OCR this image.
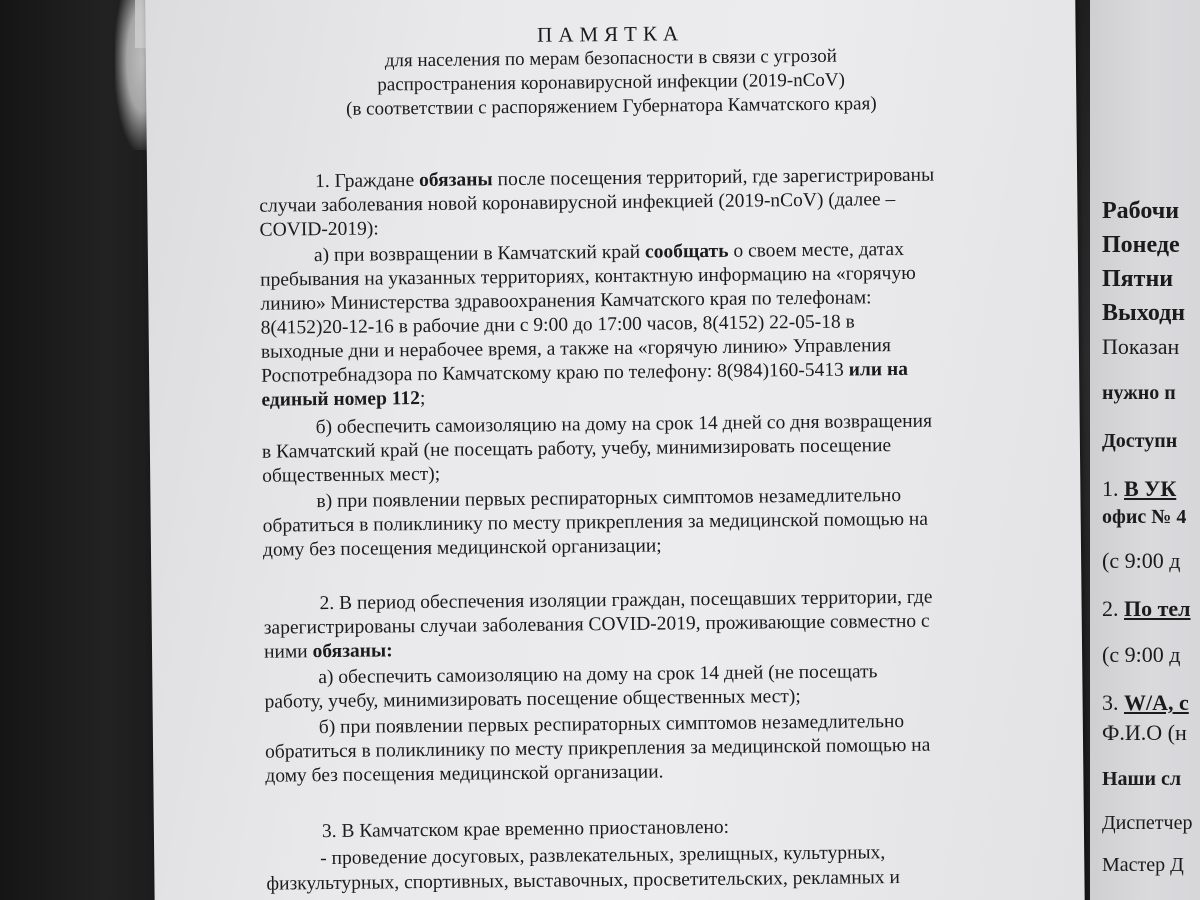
ПАМЯТКА
для населения по мерам безопасности в связи с угрозой
распространения коронавирусной инфекции (2019-nCoV)
(в соответствии с распоряжением Губернатора Камчатского края)
1. Граждане обязаны после посещения территорий, где зарегистрированы
случаи заболевания новой коронавирусной инфекцией (2019-nCoV) (далее –
COVID-2019):
а) при возвращении в Камчатский край сообщать о своем месте, датах
пребывания на указанных территориях, контактную информацию на «горячую
линию» Министерства здравоохранения Камчатского края по телефонам:
8(4152)20-12-16 в рабочие дни с 9:00 до 17:00 часов, 8(4152) 22-05-18 в
выходные дни и нерабочее время, а также на «горячую линию» Управления
Роспотребнадзора по Камчатскому краю по телефону: 8(984)160-5413 или на
единый номер 112;
б) обеспечить самоизоляцию на дому на срок 14 дней со дня возвращения
в Камчатский край (не посещать работу, учебу, минимизировать посещение
общественных мест);
в) при появлении первых респираторных симптомов незамедлительно
обратиться в поликлинику по месту прикрепления за медицинской помощью на
дому без посещения медицинской организации;
2. В период обеспечения изоляции граждан, посещавших территории, где
зарегистрированы случаи заболевания COVID-2019, проживающие совместно с
ними обязаны:
а) обеспечить самоизоляцию на дому на срок 14 дней (не посещать
работу, учебу, минимизировать посещение общественных мест);
б) при появлении первых респираторных симптомов незамедлительно
обратиться в поликлинику по месту прикрепления за медицинской помощью на
дому без посещения медицинской организации.
3. В Камчатском крае временно приостановлено:
- проведение досуговых, развлекательных, зрелищных, культурных,
физкультурных, спортивных, выставочных, просветительских, рекламных и
Рабочи
Понеде
Пятни
Выходн
Показан
нужно п
Доступн
1. В УК
офис № 4
(с 9:00 д
2. По тел
(с 9:00 д
3. W/A, с
Ф.И.О (н
Наши сл
Диспетчер
Мастер Д
